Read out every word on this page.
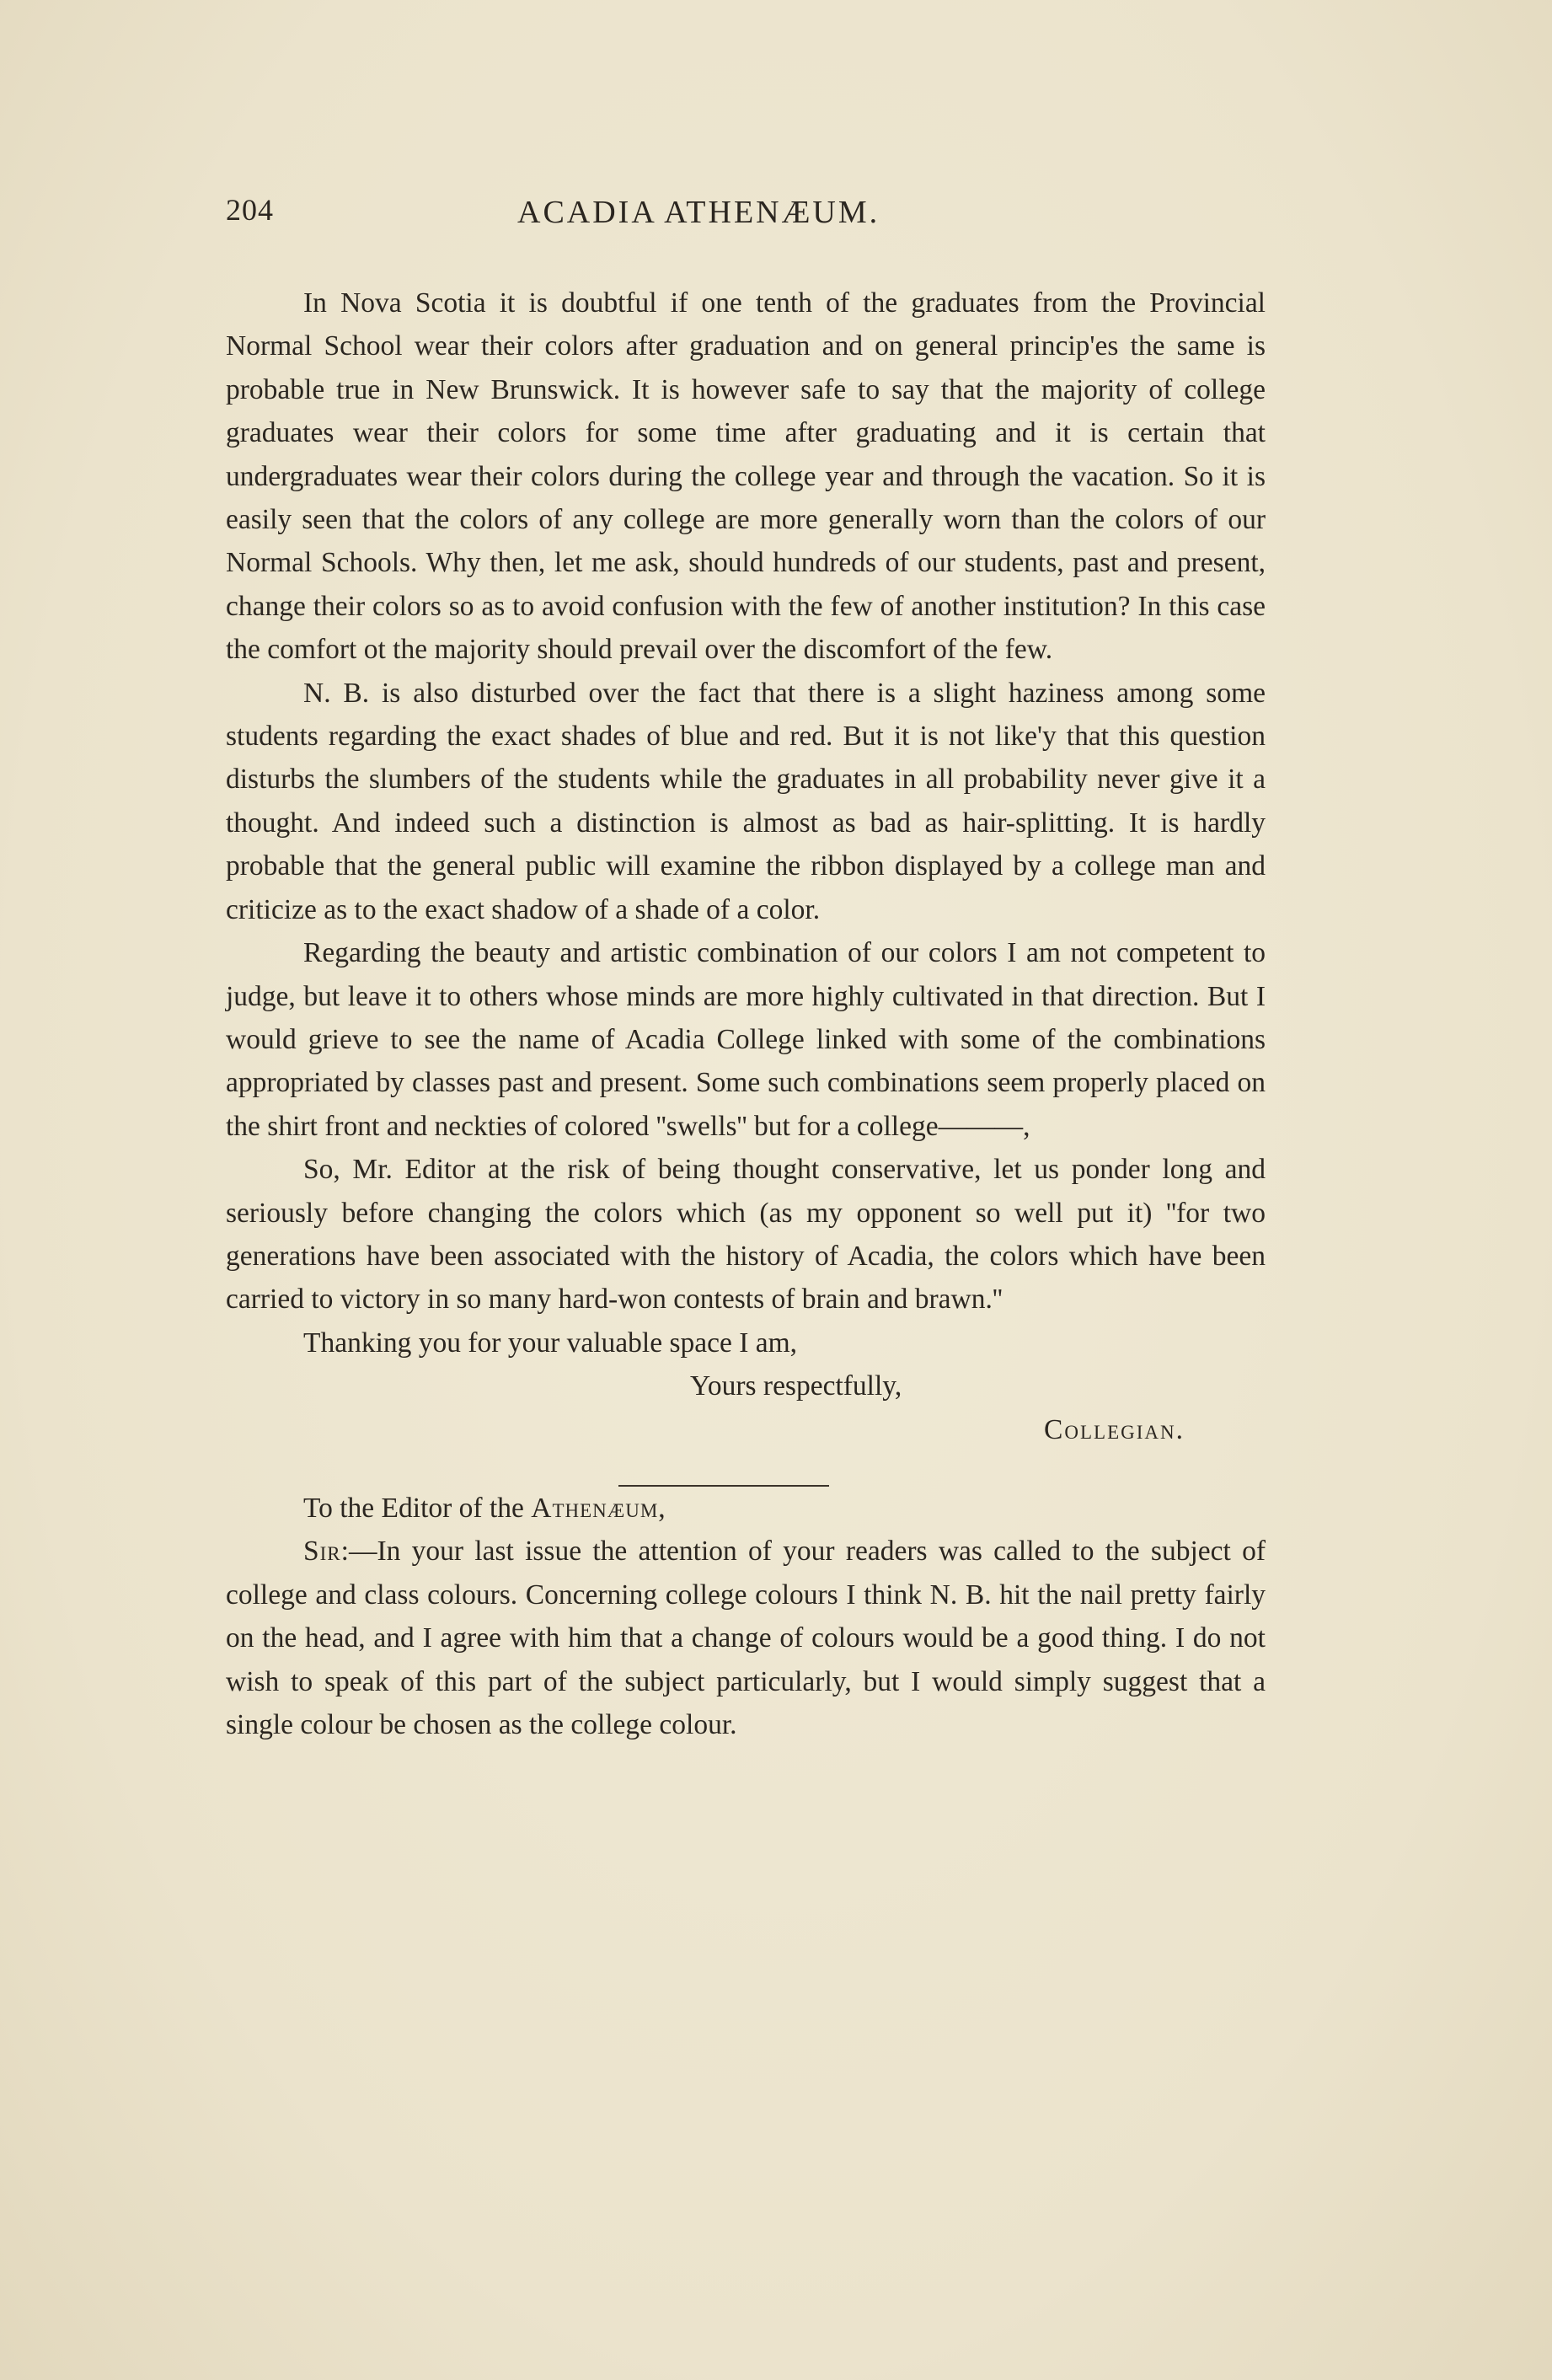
204	ACADIA ATHENÆUM.

In Nova Scotia it is doubtful if one tenth of the graduates from the Provincial Normal School wear their colors after graduation and on general princip'es the same is probable true in New Brunswick. It is however safe to say that the majority of college graduates wear their colors for some time after graduating and it is certain that undergraduates wear their colors during the college year and through the vacation. So it is easily seen that the colors of any college are more generally worn than the colors of our Normal Schools. Why then, let me ask, should hundreds of our students, past and present, change their colors so as to avoid confusion with the few of another institution? In this case the comfort ot the majority should prevail over the discomfort of the few.

N. B. is also disturbed over the fact that there is a slight haziness among some students regarding the exact shades of blue and red. But it is not like'y that this question disturbs the slumbers of the students while the graduates in all probability never give it a thought. And indeed such a distinction is almost as bad as hair-splitting. It is hardly probable that the general public will examine the ribbon displayed by a college man and criticize as to the exact shadow of a shade of a color.

Regarding the beauty and artistic combination of our colors I am not competent to judge, but leave it to others whose minds are more highly cultivated in that direction. But I would grieve to see the name of Acadia College linked with some of the combinations appropriated by classes past and present. Some such combinations seem properly placed on the shirt front and neckties of colored ''swells'' but for a college———,

So, Mr. Editor at the risk of being thought conservative, let us ponder long and seriously before changing the colors which (as my opponent so well put it) ''for two generations have been associated with the history of Acadia, the colors which have been carried to victory in so many hard-won contests of brain and brawn.''

Thanking you for your valuable space I am,

Yours respectfully,

Collegian.

To the Editor of the Athenæum,

Sir:—In your last issue the attention of your readers was called to the subject of college and class colours. Concerning college colours I think N. B. hit the nail pretty fairly on the head, and I agree with him that a change of colours would be a good thing. I do not wish to speak of this part of the subject particularly, but I would simply suggest that a single colour be chosen as the college colour.
